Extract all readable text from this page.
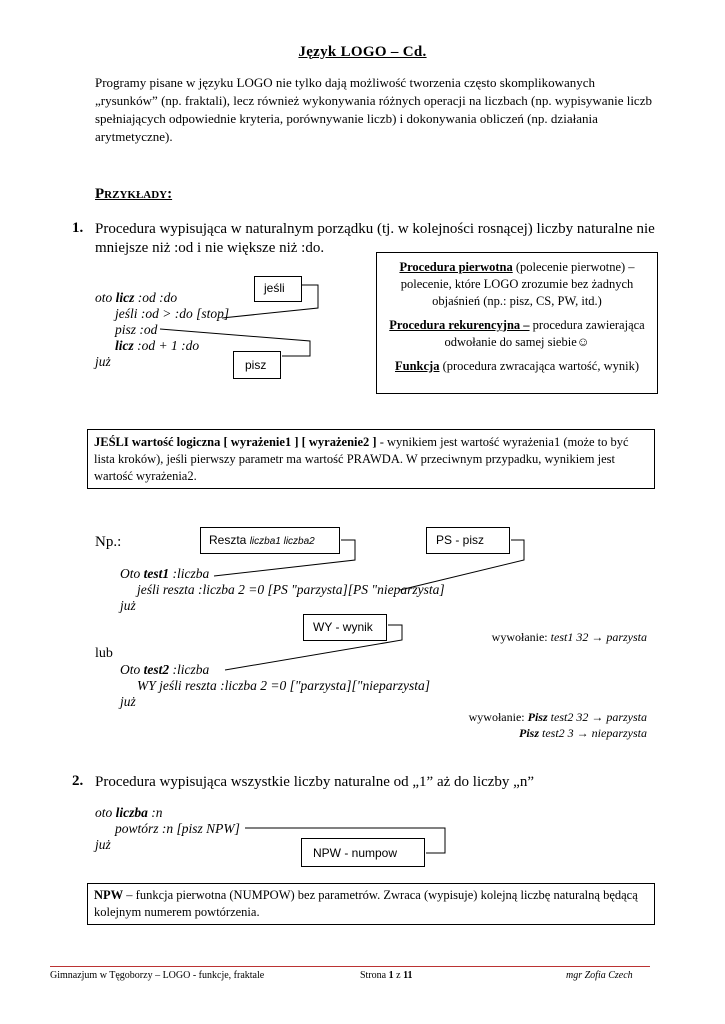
Język LOGO – Cd.
Programy pisane w języku LOGO nie tylko dają możliwość tworzenia często skomplikowanych „rysunków” (np. fraktali), lecz również wykonywania różnych operacji na liczbach (np. wypisywanie liczb spełniających odpowiednie kryteria, porównywanie liczb) i dokonywania obliczeń (np. działania arytmetyczne).
Przykłady:
1. Procedura wypisująca w naturalnym porządku (tj. w kolejności rosnącej) liczby naturalne nie mniejsze niż :od i nie większe niż :do.
oto licz :od :do
jeśli :od > :do [stop]
pisz :od
licz :od + 1 :do
już
jeśli
pisz

Procedura pierwotna (polecenie pierwotne) – polecenie, które LOGO zrozumie bez żadnych objaśnień (np.: pisz, CS, PW, itd.)

Procedura rekurencyjna – procedura zawierająca odwołanie do samej siebie☺

Funkcja (procedura zwracająca wartość, wynik)

JEŚLI wartość logiczna [ wyrażenie1 ] [ wyrażenie2 ] - wynikiem jest wartość wyrażenia1 (może to być lista kroków), jeśli pierwszy parametr ma wartość PRAWDA. W przeciwnym przypadku, wynikiem jest wartość wyrażenia2.
Np.:	Reszta liczba1 liczba2	PS - pisz
Oto test1 :liczba
jeśli reszta :liczba 2 =0 [PS "parzysta][PS "nieparzysta]
już
WY - wynik
wywołanie: test1 32 → parzysta
lub
Oto test2 :liczba
WY jeśli reszta :liczba 2 =0 ["parzysta]["nieparzysta]
już
wywołanie: Pisz test2 32 → parzysta
Pisz test2 3 → nieparzysta
2. Procedura wypisująca wszystkie liczby naturalne od „1” aż do liczby „n”
oto liczba :n
powtórz :n [pisz NPW]
już
NPW - numpow
NPW – funkcja pierwotna (NUMPOW) bez parametrów. Zwraca (wypisuje) kolejną liczbę naturalną będącą kolejnym numerem powtórzenia.
Gimnazjum w Tęgoborzy – LOGO - funkcje, fraktale	Strona 1 z 11	mgr Zofia Czech
